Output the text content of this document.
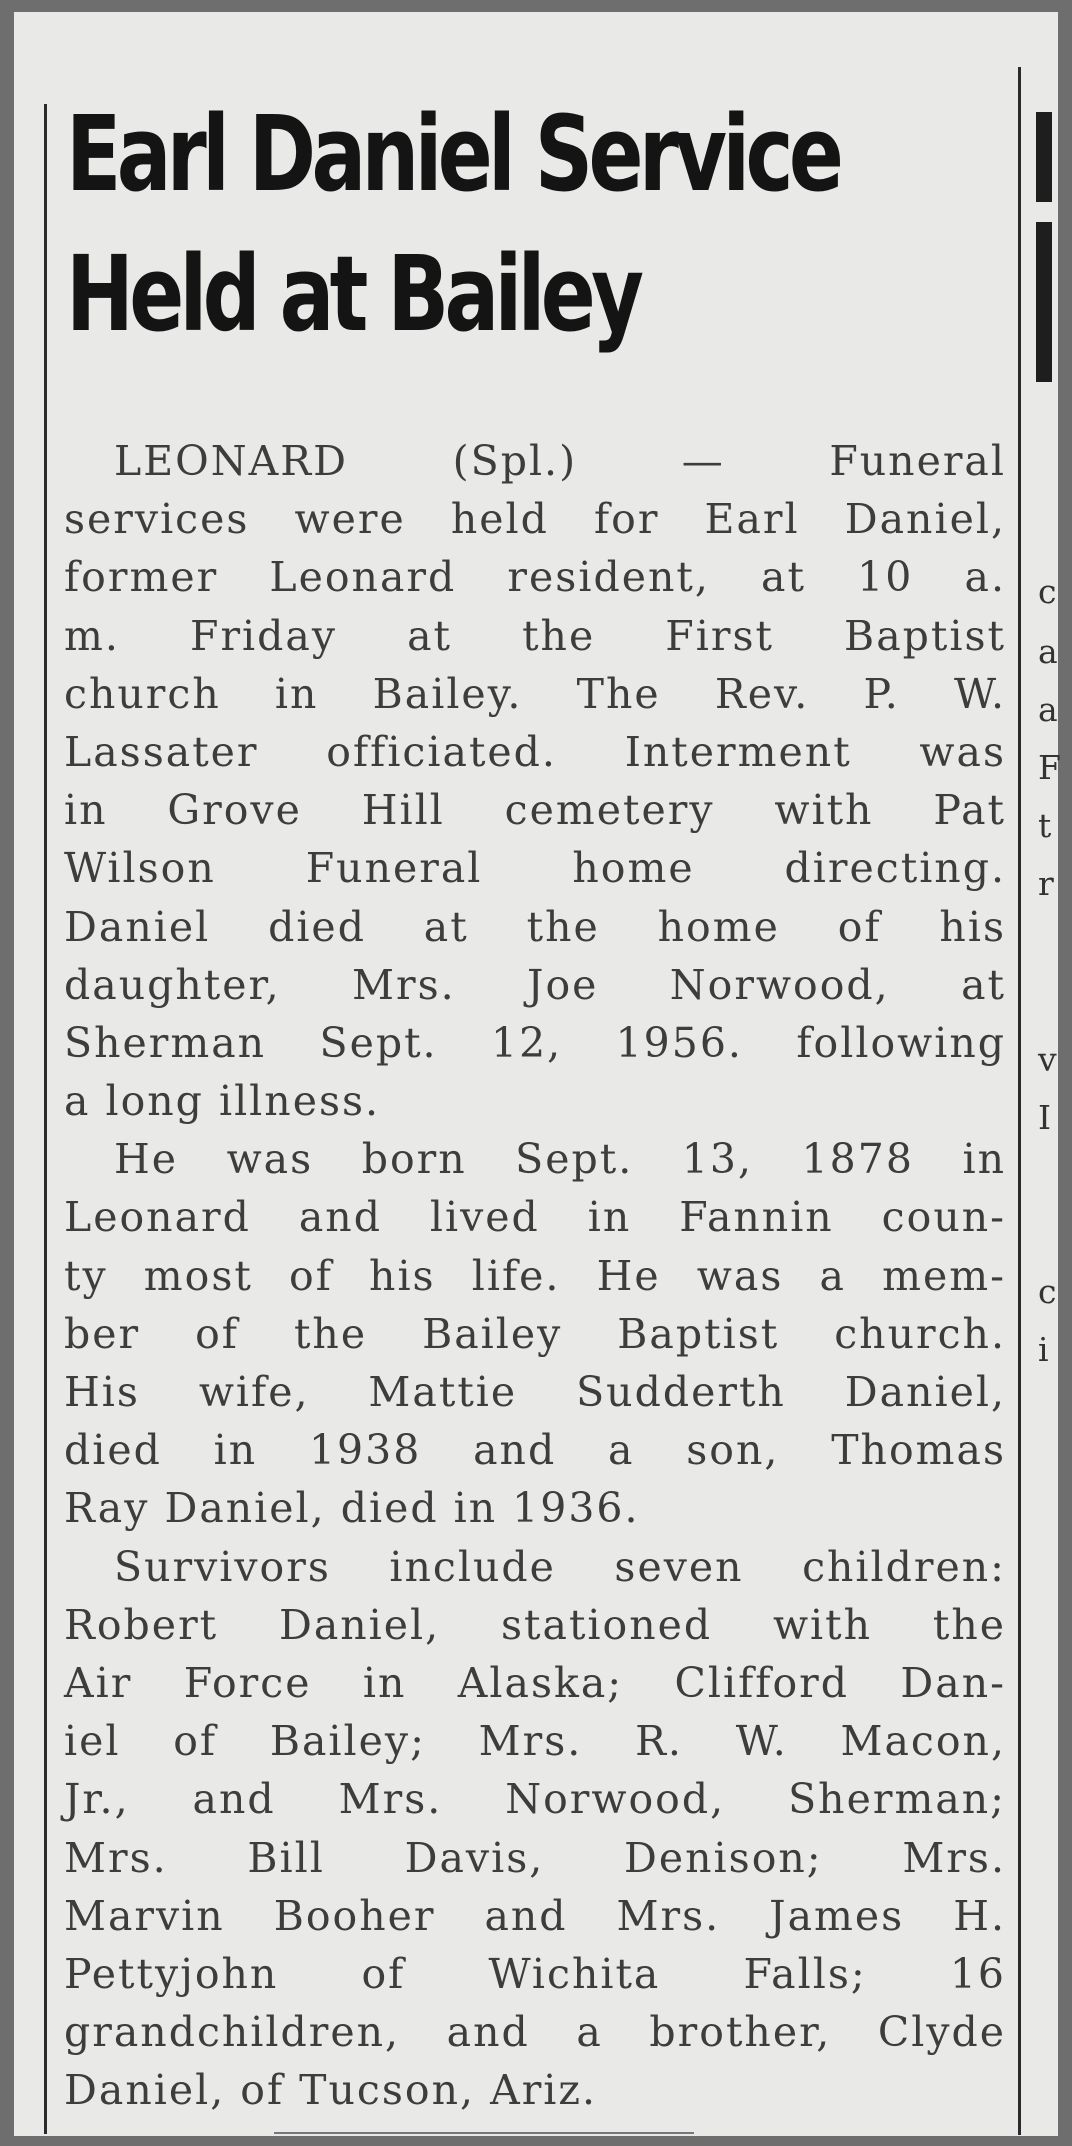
c
a
a
F
t
r
v
I
c
i
Earl Daniel Service
Held at Bailey
LEONARD (Spl.) — Funeral
services were held for Earl Daniel,
former Leonard resident, at 10 a.
m. Friday at the First Baptist
church in Bailey. The Rev. P. W.
Lassater officiated. Interment was
in Grove Hill cemetery with Pat
Wilson Funeral home directing.
Daniel died at the home of his
daughter, Mrs. Joe Norwood, at
Sherman Sept. 12, 1956. following
a long illness.
He was born Sept. 13, 1878 in
Leonard and lived in Fannin coun-
ty most of his life. He was a mem-
ber of the Bailey Baptist church.
His wife, Mattie Sudderth Daniel,
died in 1938 and a son, Thomas
Ray Daniel, died in 1936.
Survivors include seven children:
Robert Daniel, stationed with the
Air Force in Alaska; Clifford Dan-
iel of Bailey; Mrs. R. W. Macon,
Jr., and Mrs. Norwood, Sherman;
Mrs. Bill Davis, Denison; Mrs.
Marvin Booher and Mrs. James H.
Pettyjohn of Wichita Falls; 16
grandchildren, and a brother, Clyde
Daniel, of Tucson, Ariz.
